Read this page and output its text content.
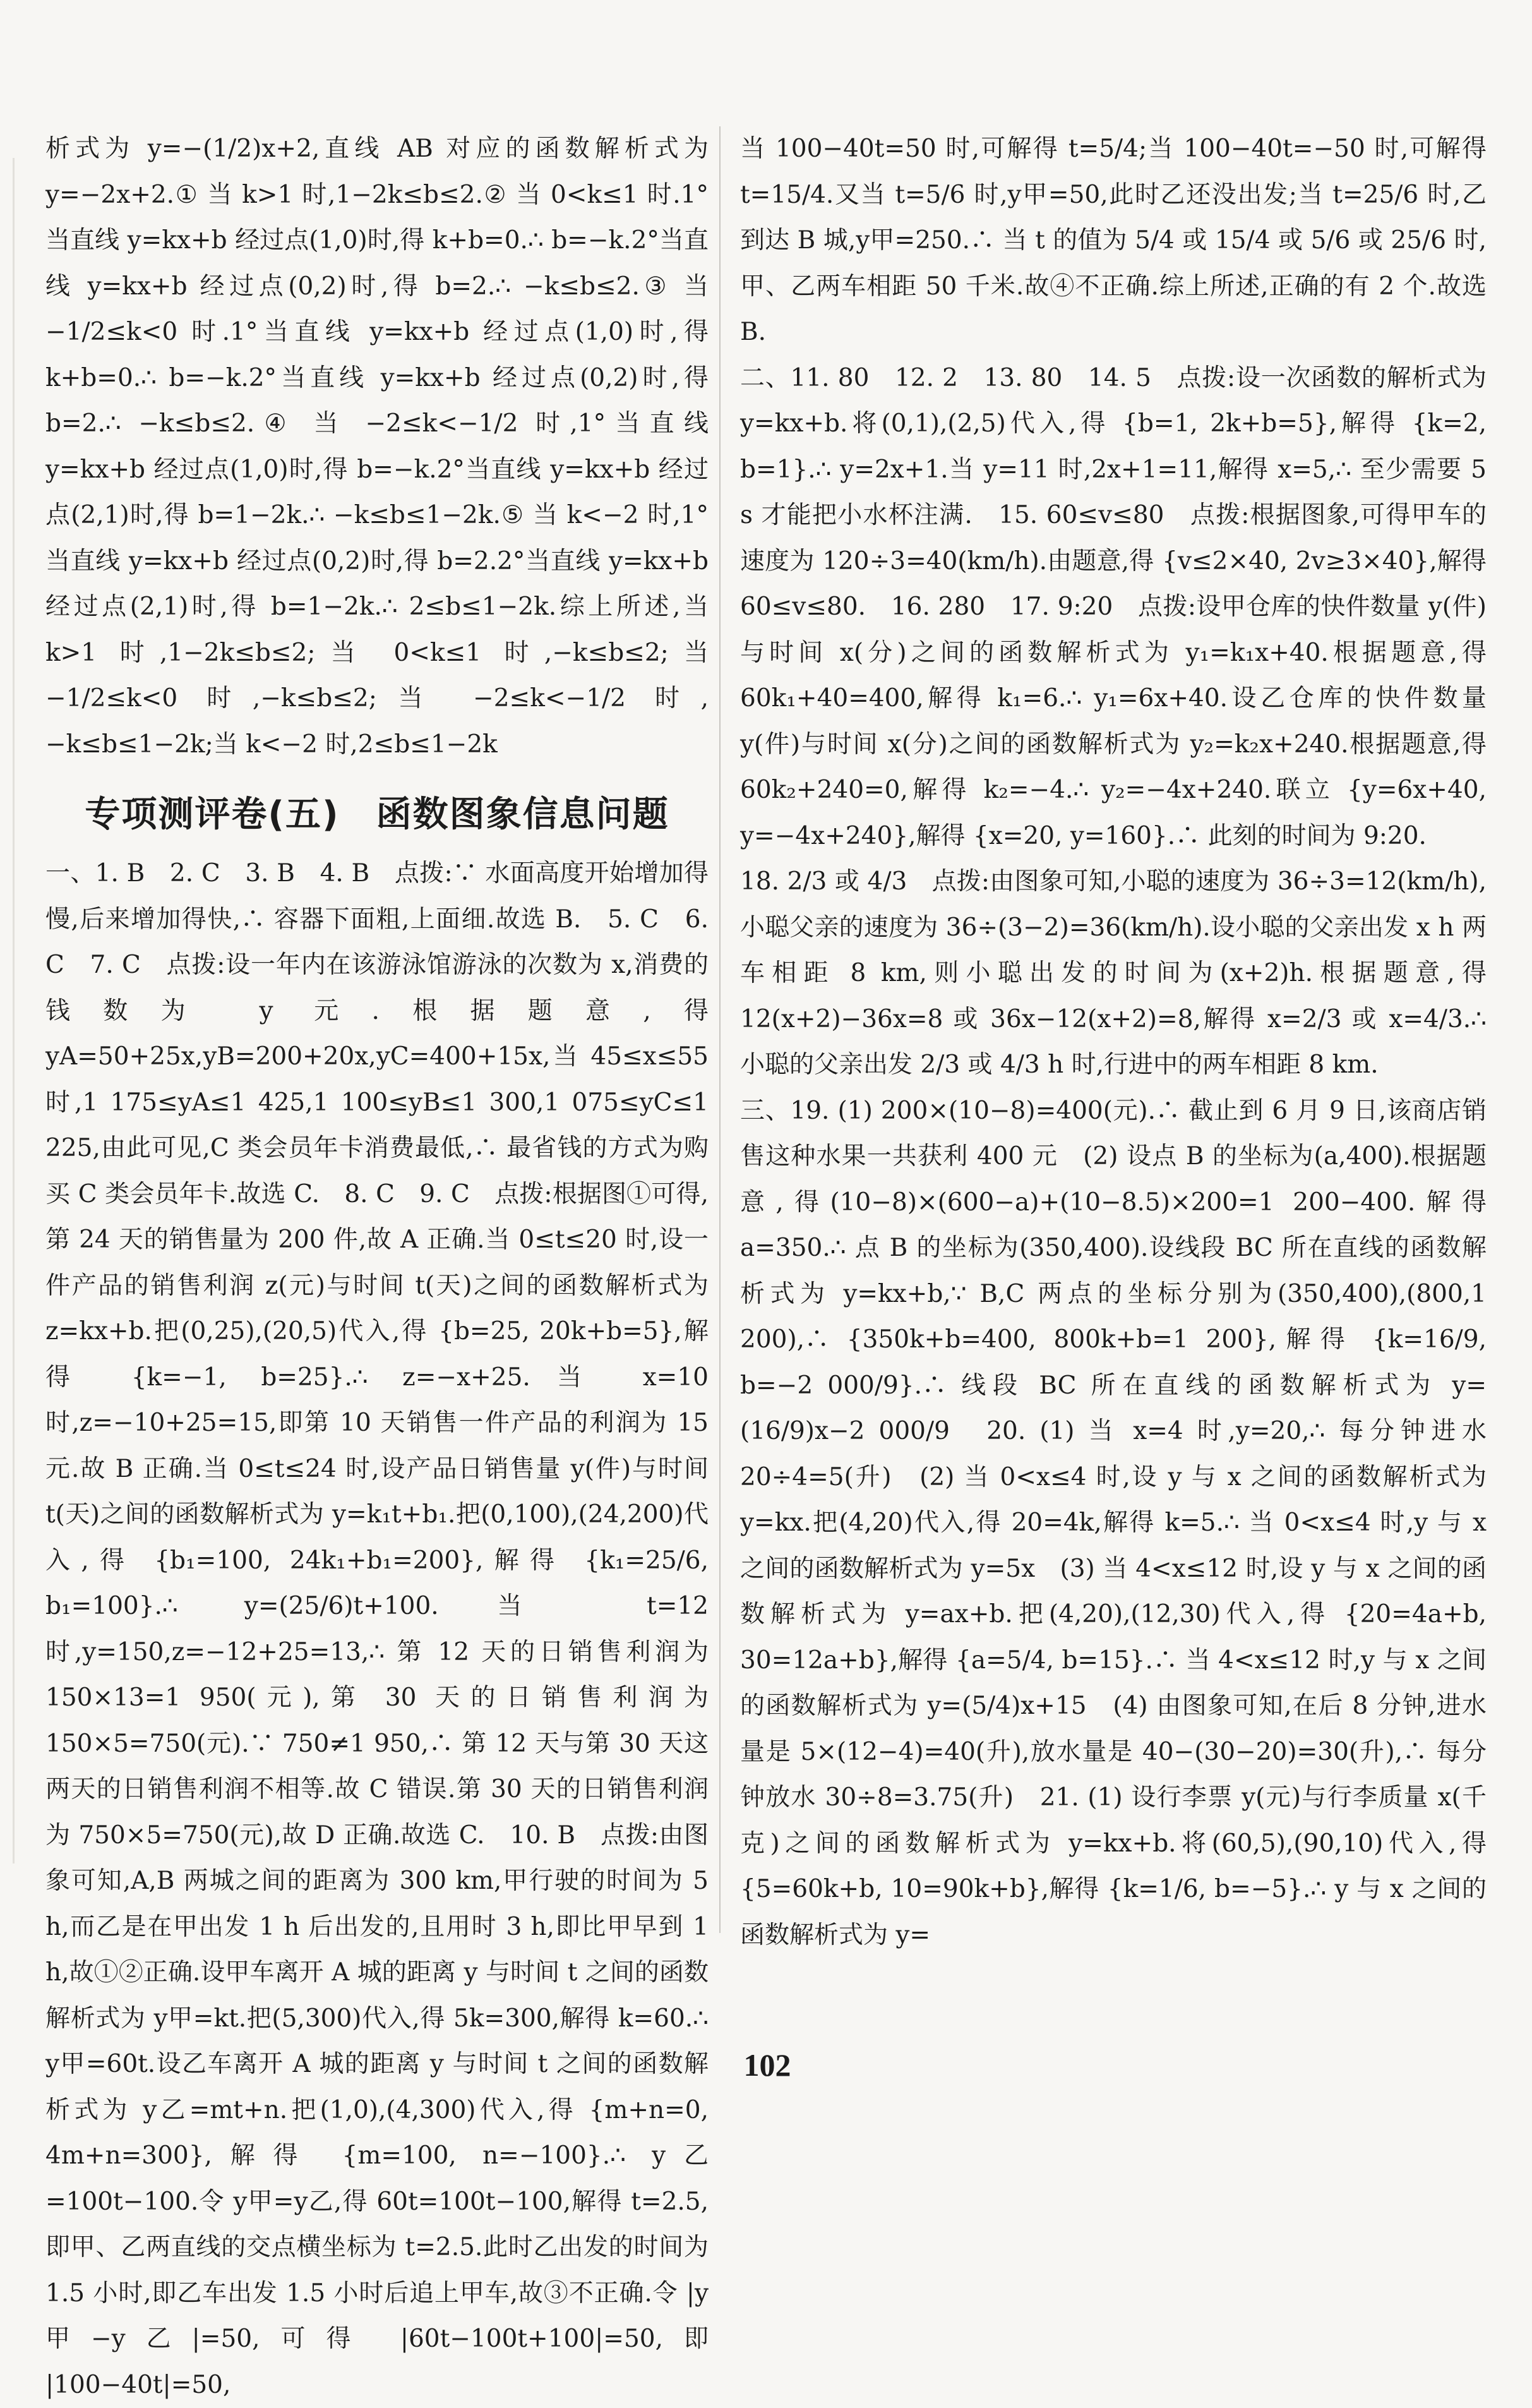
析式为 y=−(1/2)x+2,直线 AB 对应的函数解析式为 y=−2x+2.① 当 k>1 时,1−2k≤b≤2.② 当 0<k≤1 时.1°当直线 y=kx+b 经过点(1,0)时,得 k+b=0.∴ b=−k.2°当直线 y=kx+b 经过点(0,2)时,得 b=2.∴ −k≤b≤2.③ 当 −1/2≤k<0 时.1°当直线 y=kx+b 经过点(1,0)时,得 k+b=0.∴ b=−k.2°当直线 y=kx+b 经过点(0,2)时,得 b=2.∴ −k≤b≤2.④ 当 −2≤k<−1/2 时,1°当直线 y=kx+b 经过点(1,0)时,得 b=−k.2°当直线 y=kx+b 经过点(2,1)时,得 b=1−2k.∴ −k≤b≤1−2k.⑤ 当 k<−2 时,1°当直线 y=kx+b 经过点(0,2)时,得 b=2.2°当直线 y=kx+b 经过点(2,1)时,得 b=1−2k.∴ 2≤b≤1−2k.综上所述,当 k>1 时,1−2k≤b≤2;当 0<k≤1 时,−k≤b≤2;当 −1/2≤k<0 时,−k≤b≤2;当 −2≤k<−1/2 时,−k≤b≤1−2k;当 k<−2 时,2≤b≤1−2k

专项测评卷(五)　函数图象信息问题

一、1. B　2. C　3. B　4. B　点拨:∵ 水面高度开始增加得慢,后来增加得快,∴ 容器下面粗,上面细.故选 B.　5. C　6. C　7. C　点拨:设一年内在该游泳馆游泳的次数为 x,消费的钱数为 y 元.根据题意,得 yA=50+25x,yB=200+20x,yC=400+15x,当 45≤x≤55 时,1 175≤yA≤1 425,1 100≤yB≤1 300,1 075≤yC≤1 225,由此可见,C 类会员年卡消费最低,∴ 最省钱的方式为购买 C 类会员年卡.故选 C.　8. C　9. C　点拨:根据图①可得,第 24 天的销售量为 200 件,故 A 正确.当 0≤t≤20 时,设一件产品的销售利润 z(元)与时间 t(天)之间的函数解析式为 z=kx+b.把(0,25),(20,5)代入,得 {b=25, 20k+b=5},解得 {k=−1, b=25}.∴ z=−x+25.当 x=10 时,z=−10+25=15,即第 10 天销售一件产品的利润为 15 元.故 B 正确.当 0≤t≤24 时,设产品日销售量 y(件)与时间 t(天)之间的函数解析式为 y=k₁t+b₁.把(0,100),(24,200)代入,得 {b₁=100, 24k₁+b₁=200},解得 {k₁=25/6, b₁=100}.∴ y=(25/6)t+100.当 t=12 时,y=150,z=−12+25=13,∴ 第 12 天的日销售利润为 150×13=1 950(元),第 30 天的日销售利润为 150×5=750(元).∵ 750≠1 950,∴ 第 12 天与第 30 天这两天的日销售利润不相等.故 C 错误.第 30 天的日销售利润为 750×5=750(元),故 D 正确.故选 C.　10. B　点拨:由图象可知,A,B 两城之间的距离为 300 km,甲行驶的时间为 5 h,而乙是在甲出发 1 h 后出发的,且用时 3 h,即比甲早到 1 h,故①②正确.设甲车离开 A 城的距离 y 与时间 t 之间的函数解析式为 y甲=kt.把(5,300)代入,得 5k=300,解得 k=60.∴ y甲=60t.设乙车离开 A 城的距离 y 与时间 t 之间的函数解析式为 y乙=mt+n.把(1,0),(4,300)代入,得 {m+n=0, 4m+n=300},解得 {m=100, n=−100}.∴ y乙=100t−100.令 y甲=y乙,得 60t=100t−100,解得 t=2.5,即甲、乙两直线的交点横坐标为 t=2.5.此时乙出发的时间为 1.5 小时,即乙车出发 1.5 小时后追上甲车,故③不正确.令 |y甲−y乙|=50,可得 |60t−100t+100|=50,即 |100−40t|=50,

当 100−40t=50 时,可解得 t=5/4;当 100−40t=−50 时,可解得 t=15/4.又当 t=5/6 时,y甲=50,此时乙还没出发;当 t=25/6 时,乙到达 B 城,y甲=250.∴ 当 t 的值为 5/4 或 15/4 或 5/6 或 25/6 时,甲、乙两车相距 50 千米.故④不正确.综上所述,正确的有 2 个.故选 B.

二、11. 80　12. 2　13. 80　14. 5　点拨:设一次函数的解析式为 y=kx+b.将(0,1),(2,5)代入,得 {b=1, 2k+b=5},解得 {k=2, b=1}.∴ y=2x+1.当 y=11 时,2x+1=11,解得 x=5,∴ 至少需要 5 s 才能把小水杯注满.　15. 60≤v≤80　点拨:根据图象,可得甲车的速度为 120÷3=40(km/h).由题意,得 {v≤2×40, 2v≥3×40},解得 60≤v≤80.　16. 280　17. 9:20　点拨:设甲仓库的快件数量 y(件)与时间 x(分)之间的函数解析式为 y₁=k₁x+40.根据题意,得 60k₁+40=400,解得 k₁=6.∴ y₁=6x+40.设乙仓库的快件数量 y(件)与时间 x(分)之间的函数解析式为 y₂=k₂x+240.根据题意,得 60k₂+240=0,解得 k₂=−4.∴ y₂=−4x+240.联立 {y=6x+40, y=−4x+240},解得 {x=20, y=160}.∴ 此刻的时间为 9:20.

18. 2/3 或 4/3　点拨:由图象可知,小聪的速度为 36÷3=12(km/h),小聪父亲的速度为 36÷(3−2)=36(km/h).设小聪的父亲出发 x h 两车相距 8 km,则小聪出发的时间为(x+2)h.根据题意,得 12(x+2)−36x=8 或 36x−12(x+2)=8,解得 x=2/3 或 x=4/3.∴ 小聪的父亲出发 2/3 或 4/3 h 时,行进中的两车相距 8 km.

三、19. (1) 200×(10−8)=400(元).∴ 截止到 6 月 9 日,该商店销售这种水果一共获利 400 元　(2) 设点 B 的坐标为(a,400).根据题意,得(10−8)×(600−a)+(10−8.5)×200=1 200−400.解得 a=350.∴ 点 B 的坐标为(350,400).设线段 BC 所在直线的函数解析式为 y=kx+b,∵ B,C 两点的坐标分别为(350,400),(800,1 200),∴ {350k+b=400, 800k+b=1 200},解得 {k=16/9, b=−2 000/9}.∴ 线段 BC 所在直线的函数解析式为 y=(16/9)x−2 000/9　20. (1) 当 x=4 时,y=20,∴ 每分钟进水 20÷4=5(升)　(2) 当 0<x≤4 时,设 y 与 x 之间的函数解析式为 y=kx.把(4,20)代入,得 20=4k,解得 k=5.∴ 当 0<x≤4 时,y 与 x 之间的函数解析式为 y=5x　(3) 当 4<x≤12 时,设 y 与 x 之间的函数解析式为 y=ax+b.把(4,20),(12,30)代入,得 {20=4a+b, 30=12a+b},解得 {a=5/4, b=15}.∴ 当 4<x≤12 时,y 与 x 之间的函数解析式为 y=(5/4)x+15　(4) 由图象可知,在后 8 分钟,进水量是 5×(12−4)=40(升),放水量是 40−(30−20)=30(升),∴ 每分钟放水 30÷8=3.75(升)　21. (1) 设行李票 y(元)与行李质量 x(千克)之间的函数解析式为 y=kx+b.将(60,5),(90,10)代入,得 {5=60k+b, 10=90k+b},解得 {k=1/6, b=−5}.∴ y 与 x 之间的函数解析式为 y=

102
